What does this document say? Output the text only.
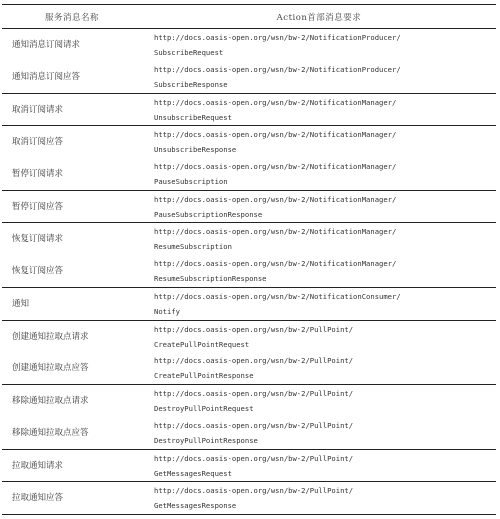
服务消息名称	Action首部消息要求
通知消息订阅请求	http://docs.oasis-open.org/wsn/bw-2/NotificationProducer/
SubscribeRequest

通知消息订阅应答	http://docs.oasis-open.org/wsn/bw-2/NotificationProducer/
SubscribeResponse

取消订阅请求	http://docs.oasis-open.org/wsn/bw-2/NotificationManager/
UnsubscribeRequest

取消订阅应答	http://docs.oasis-open.org/wsn/bw-2/NotificationManager/
UnsubscribeResponse

暂停订阅请求	http://docs.oasis-open.org/wsn/bw-2/NotificationManager/
PauseSubscription

暂停订阅应答	http://docs.oasis-open.org/wsn/bw-2/NotificationManager/
PauseSubscriptionResponse

恢复订阅请求	http://docs.oasis-open.org/wsn/bw-2/NotificationManager/
ResumeSubscription

恢复订阅应答	http://docs.oasis-open.org/wsn/bw-2/NotificationManager/
ResumeSubscriptionResponse

通知	http://docs.oasis-open.org/wsn/bw-2/NotificationConsumer/
Notify

创建通知拉取点请求	http://docs.oasis-open.org/wsn/bw-2/PullPoint/
CreatePullPointRequest

创建通知拉取点应答	http://docs.oasis-open.org/wsn/bw-2/PullPoint/
CreatePullPointResponse

移除通知拉取点请求	http://docs.oasis-open.org/wsn/bw-2/PullPoint/
DestroyPullPointRequest

移除通知拉取点应答	http://docs.oasis-open.org/wsn/bw-2/PullPoint/
DestroyPullPointResponse

拉取通知请求	http://docs.oasis-open.org/wsn/bw-2/PullPoint/
GetMessagesRequest

拉取通知应答	http://docs.oasis-open.org/wsn/bw-2/PullPoint/
GetMessagesResponse
